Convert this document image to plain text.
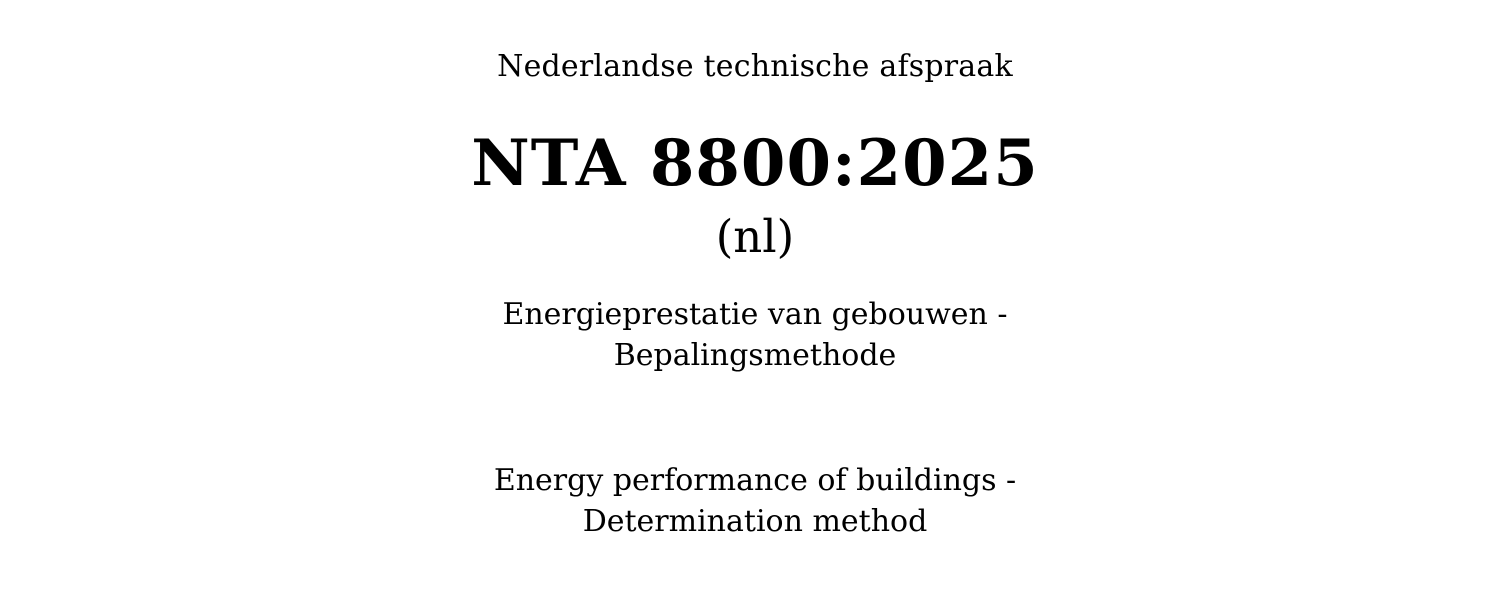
Nederlandse technische afspraak
NTA 8800:2025
(nl)
Energieprestatie van gebouwen -
Bepalingsmethode
Energy performance of buildings -
Determination method
